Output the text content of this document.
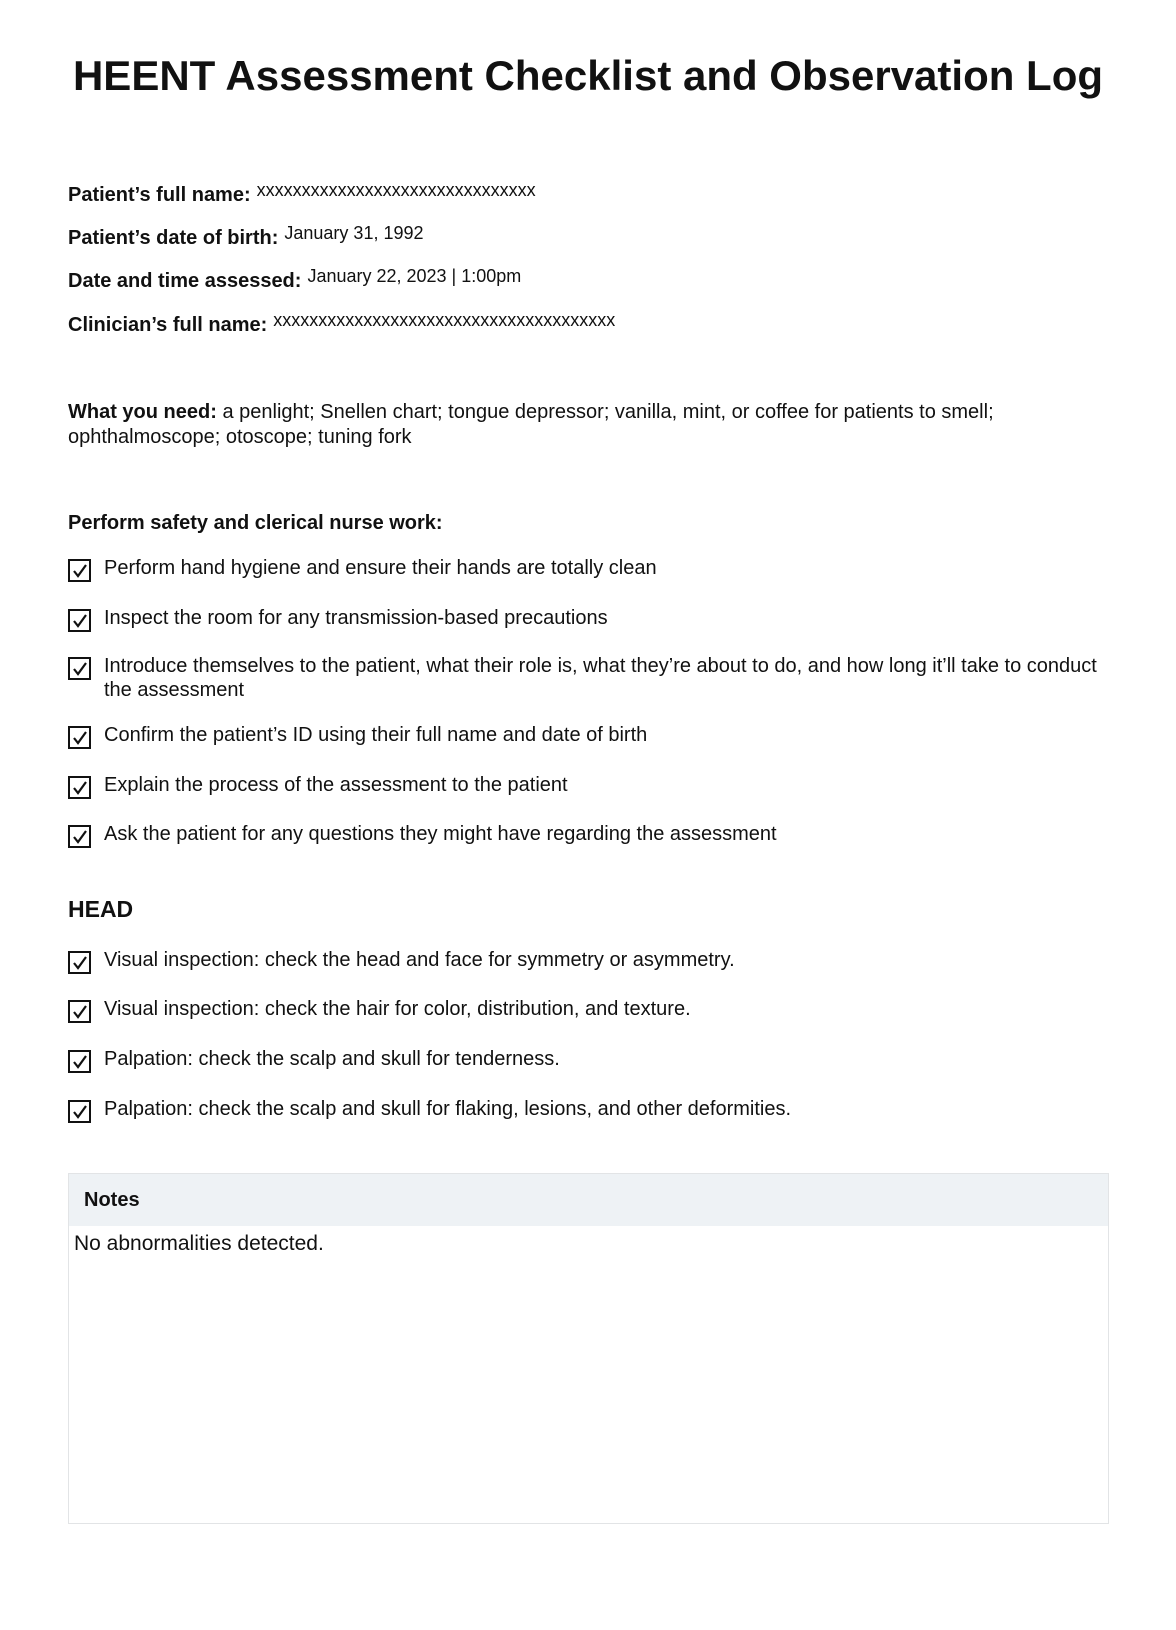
HEENT Assessment Checklist and Observation Log
Patient’s full name: xxxxxxxxxxxxxxxxxxxxxxxxxxxxxxx
Patient’s date of birth: January 31, 1992
Date and time assessed: January 22, 2023 | 1:00pm
Clinician’s full name: xxxxxxxxxxxxxxxxxxxxxxxxxxxxxxxxxxxxxx
What you need: a penlight; Snellen chart; tongue depressor; vanilla, mint, or coffee for patients to smell; ophthalmoscope; otoscope; tuning fork
Perform safety and clerical nurse work:
Perform hand hygiene and ensure their hands are totally clean
Inspect the room for any transmission-based precautions
Introduce themselves to the patient, what their role is, what they’re about to do, and how long it’ll take to conduct the assessment
Confirm the patient’s ID using their full name and date of birth
Explain the process of the assessment to the patient
Ask the patient for any questions they might have regarding the assessment
HEAD
Visual inspection: check the head and face for symmetry or asymmetry.
Visual inspection: check the hair for color, distribution, and texture.
Palpation: check the scalp and skull for tenderness.
Palpation: check the scalp and skull for flaking, lesions, and other deformities.
Notes
No abnormalities detected.
